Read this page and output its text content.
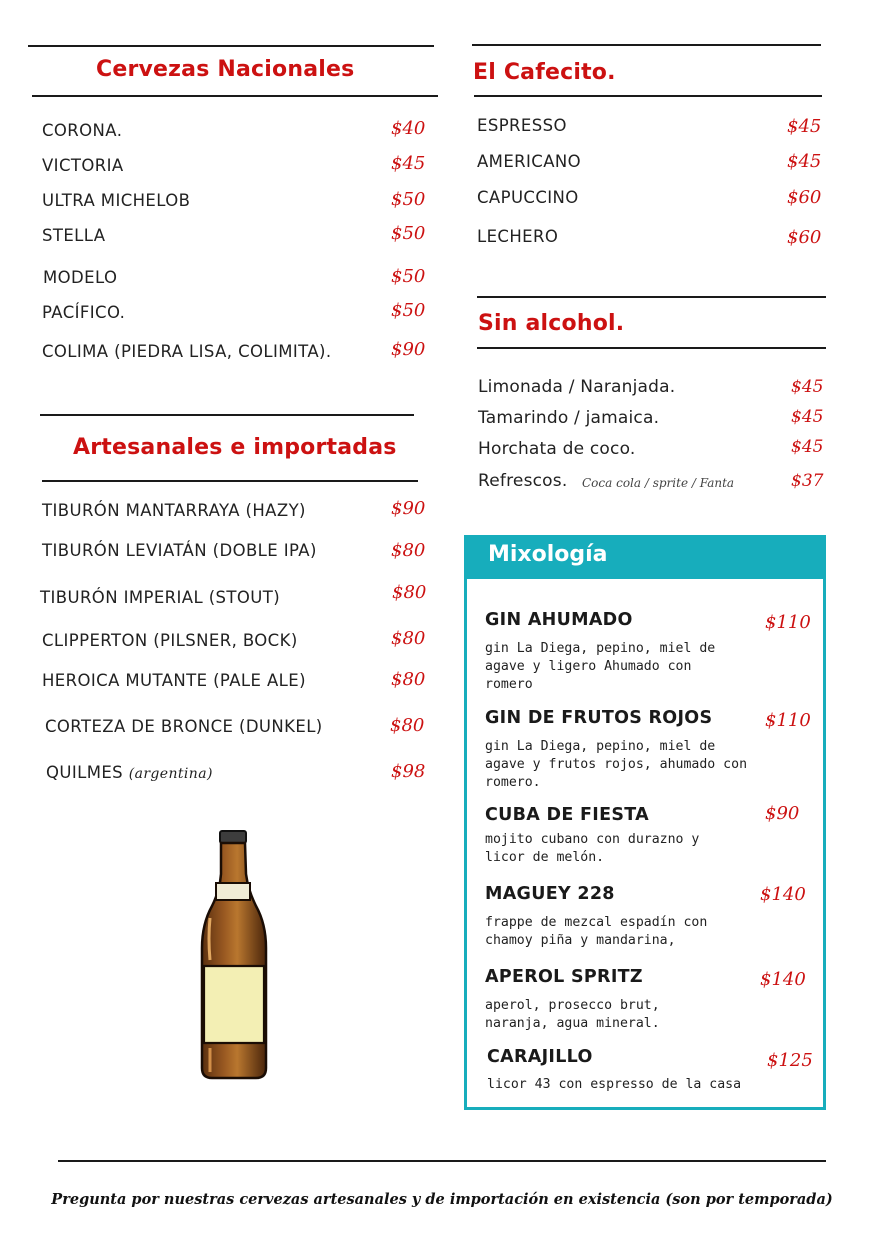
Cervezas Nacionales
CORONA.	$40
VICTORIA	$45
ULTRA MICHELOB	$50
STELLA	$50
MODELO	$50
PACÍFICO.	$50
COLIMA (PIEDRA LISA, COLIMITA).	$90
Artesanales e importadas
TIBURÓN MANTARRAYA (HAZY)	$90
TIBURÓN LEVIATÁN (DOBLE IPA)	$80
TIBURÓN IMPERIAL (STOUT)	$80
CLIPPERTON (PILSNER, BOCK)	$80
HEROICA MUTANTE (PALE ALE)	$80
CORTEZA DE BRONCE (DUNKEL)	$80
QUILMES (argentina)	$98
El Cafecito.
ESPRESSO	$45
AMERICANO	$45
CAPUCCINO	$60
LECHERO	$60
Sin alcohol.
Limonada / Naranjada.	$45
Tamarindo / jamaica.	$45
Horchata de coco.	$45
Refrescos. Coca cola / sprite / Fanta	$37
Mixología
GIN AHUMADO	$110
gin La Diega, pepino, miel de agave y ligero Ahumado con romero
GIN DE FRUTOS ROJOS	$110
gin La Diega, pepino, miel de agave y frutos rojos, ahumado con romero.
CUBA DE FIESTA	$90
mojito cubano con durazno y licor de melón.
MAGUEY 228	$140
frappe de mezcal espadín con chamoy piña y mandarina,
APEROL SPRITZ	$140
aperol, prosecco brut, naranja, agua mineral.
CARAJILLO	$125
licor 43 con espresso de la casa
Pregunta por nuestras cervezas artesanales y de importación en existencia (son por temporada)
